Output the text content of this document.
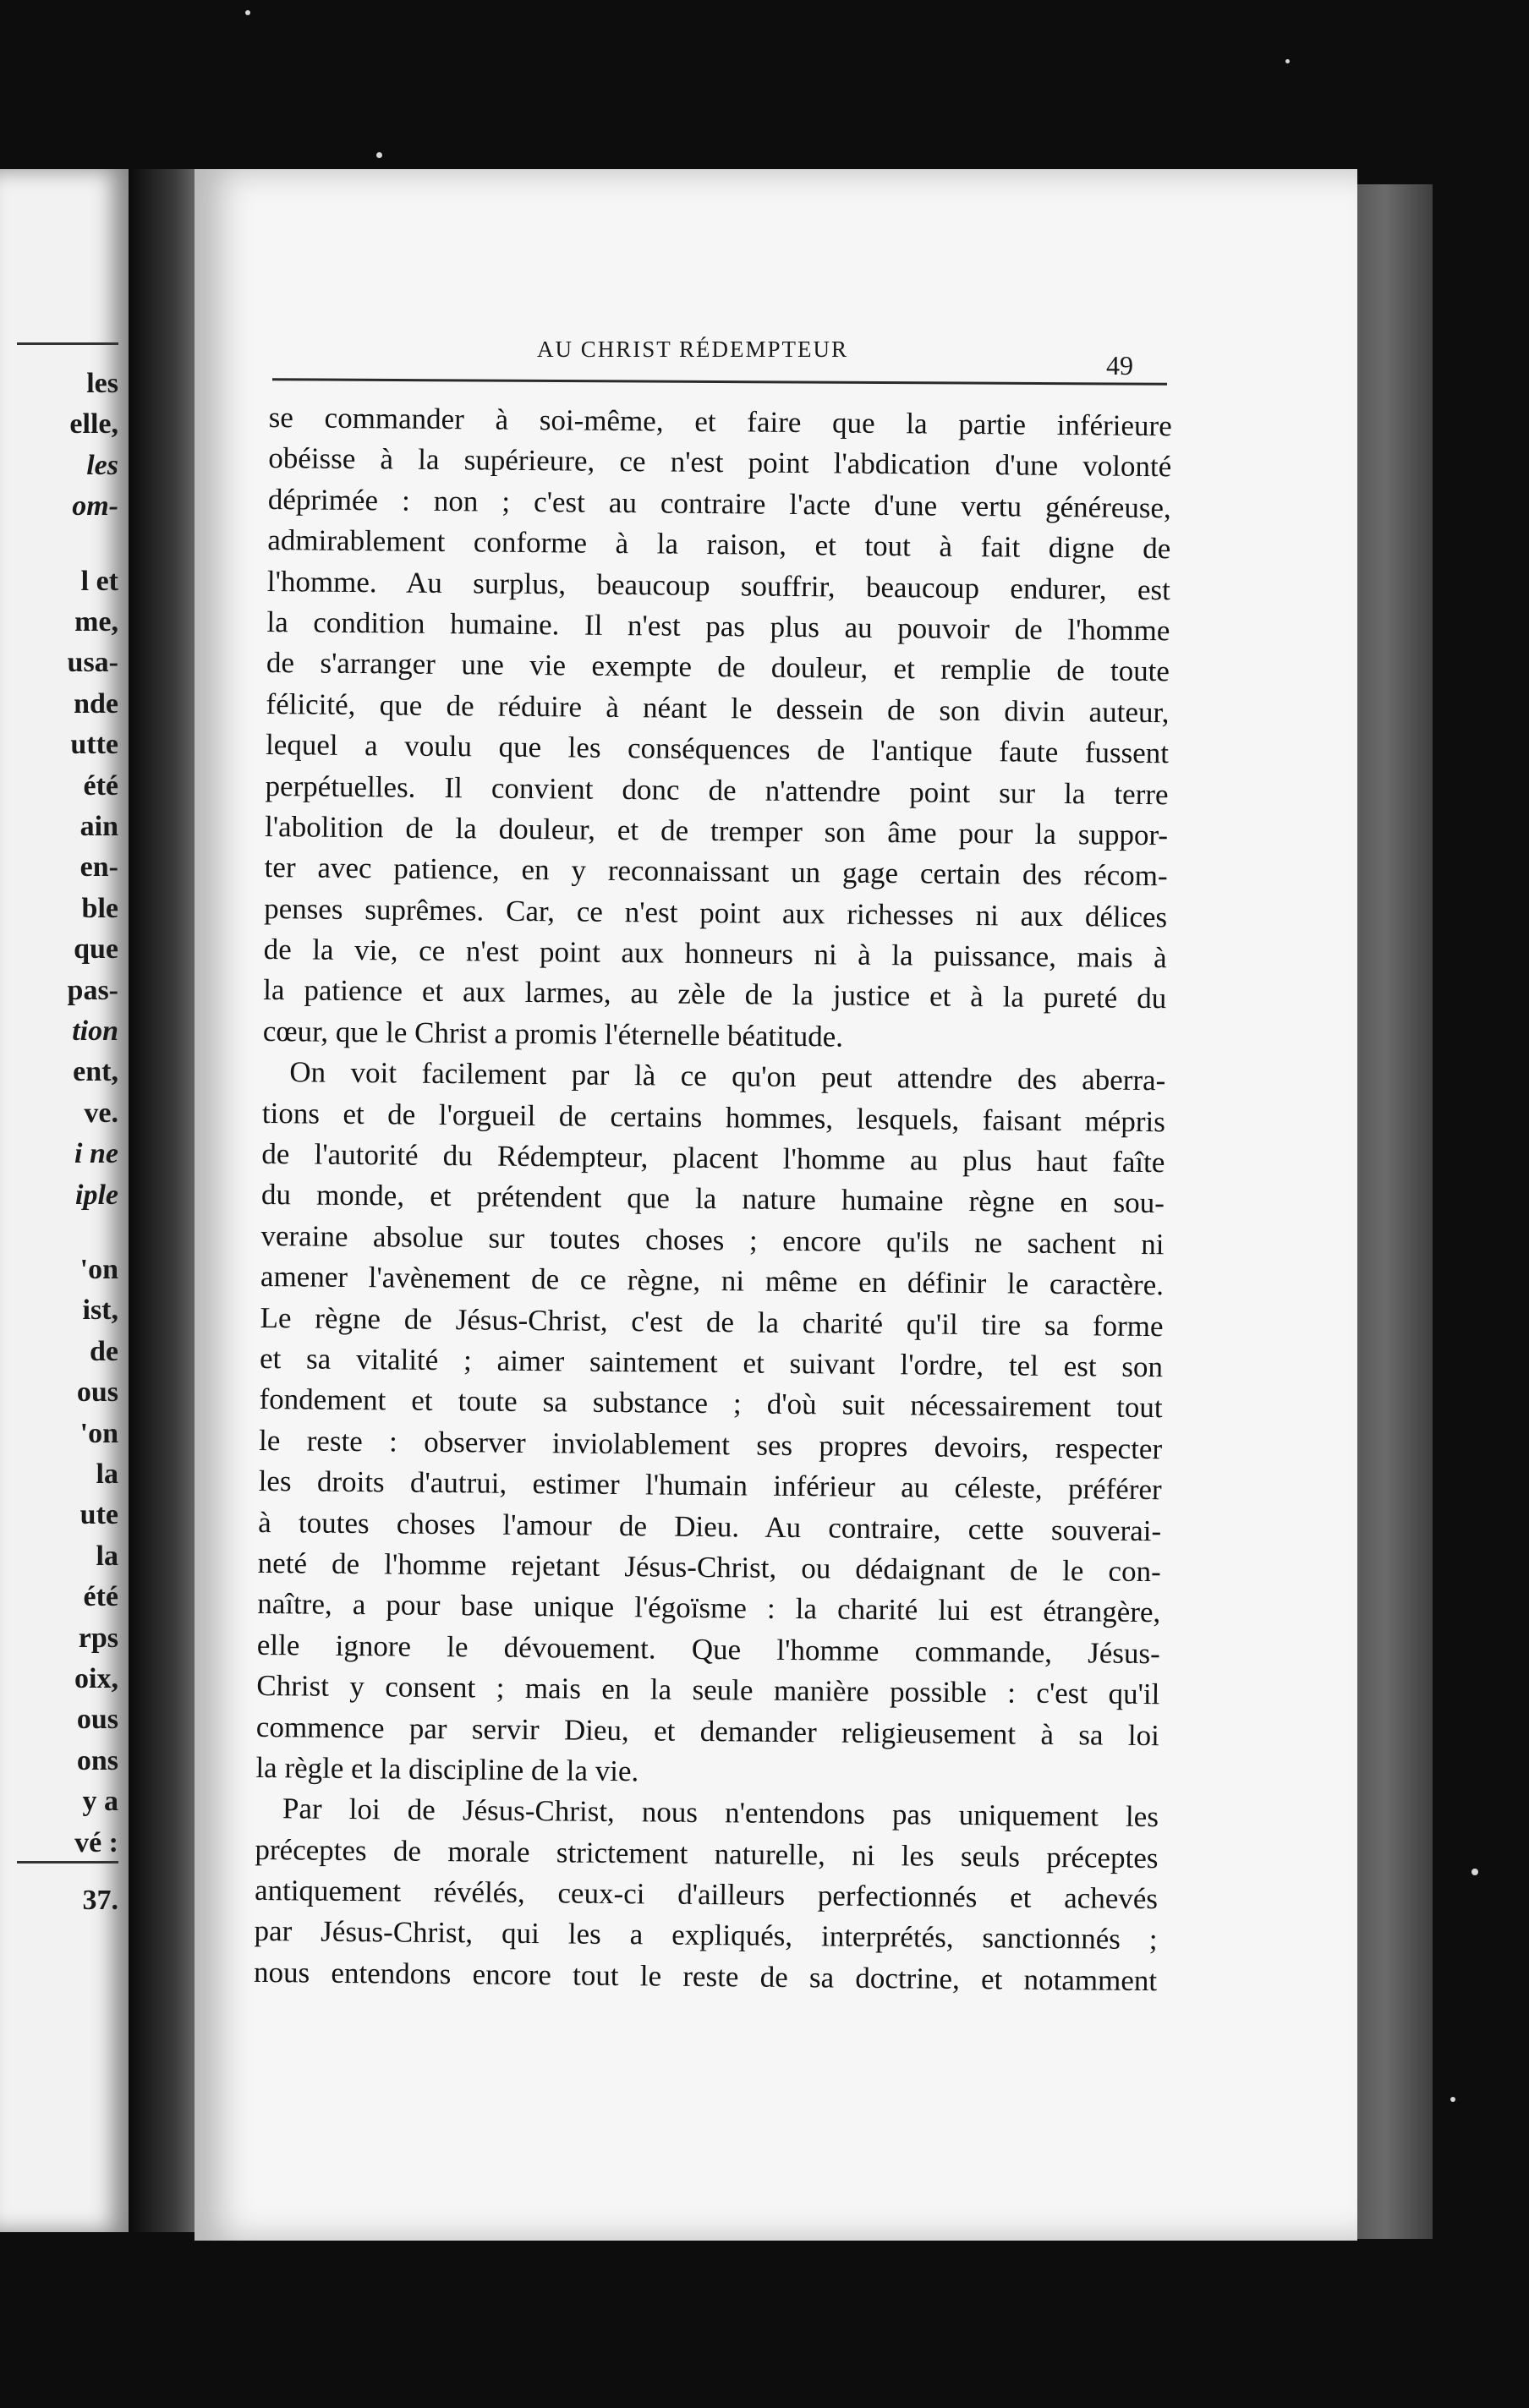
les
elle,
les
om-
l et
me,
usa-
nde
utte
été
ain
en-
ble
que
pas-
tion
ent,
ve.
i ne
iple
'on
ist,
de
ous
'on
la
ute
la
été
rps
oix,
ous
ons
y a
vé :
37.
AU CHRIST RÉDEMPTEUR
49
se commander à soi-même, et faire que la partie inférieure
obéisse à la supérieure, ce n'est point l'abdication d'une volonté
déprimée : non ; c'est au contraire l'acte d'une vertu généreuse,
admirablement conforme à la raison, et tout à fait digne de
l'homme. Au surplus, beaucoup souffrir, beaucoup endurer, est
la condition humaine. Il n'est pas plus au pouvoir de l'homme
de s'arranger une vie exempte de douleur, et remplie de toute
félicité, que de réduire à néant le dessein de son divin auteur,
lequel a voulu que les conséquences de l'antique faute fussent
perpétuelles. Il convient donc de n'attendre point sur la terre
l'abolition de la douleur, et de tremper son âme pour la suppor-
ter avec patience, en y reconnaissant un gage certain des récom-
penses suprêmes. Car, ce n'est point aux richesses ni aux délices
de la vie, ce n'est point aux honneurs ni à la puissance, mais à
la patience et aux larmes, au zèle de la justice et à la pureté du
cœur, que le Christ a promis l'éternelle béatitude.
On voit facilement par là ce qu'on peut attendre des aberra-
tions et de l'orgueil de certains hommes, lesquels, faisant mépris
de l'autorité du Rédempteur, placent l'homme au plus haut faîte
du monde, et prétendent que la nature humaine règne en sou-
veraine absolue sur toutes choses ; encore qu'ils ne sachent ni
amener l'avènement de ce règne, ni même en définir le caractère.
Le règne de Jésus-Christ, c'est de la charité qu'il tire sa forme
et sa vitalité ; aimer saintement et suivant l'ordre, tel est son
fondement et toute sa substance ; d'où suit nécessairement tout
le reste : observer inviolablement ses propres devoirs, respecter
les droits d'autrui, estimer l'humain inférieur au céleste, préférer
à toutes choses l'amour de Dieu. Au contraire, cette souverai-
neté de l'homme rejetant Jésus-Christ, ou dédaignant de le con-
naître, a pour base unique l'égoïsme : la charité lui est étrangère,
elle ignore le dévouement. Que l'homme commande, Jésus-
Christ y consent ; mais en la seule manière possible : c'est qu'il
commence par servir Dieu, et demander religieusement à sa loi
la règle et la discipline de la vie.
Par loi de Jésus-Christ, nous n'entendons pas uniquement les
préceptes de morale strictement naturelle, ni les seuls préceptes
antiquement révélés, ceux-ci d'ailleurs perfectionnés et achevés
par Jésus-Christ, qui les a expliqués, interprétés, sanctionnés ;
nous entendons encore tout le reste de sa doctrine, et notamment
